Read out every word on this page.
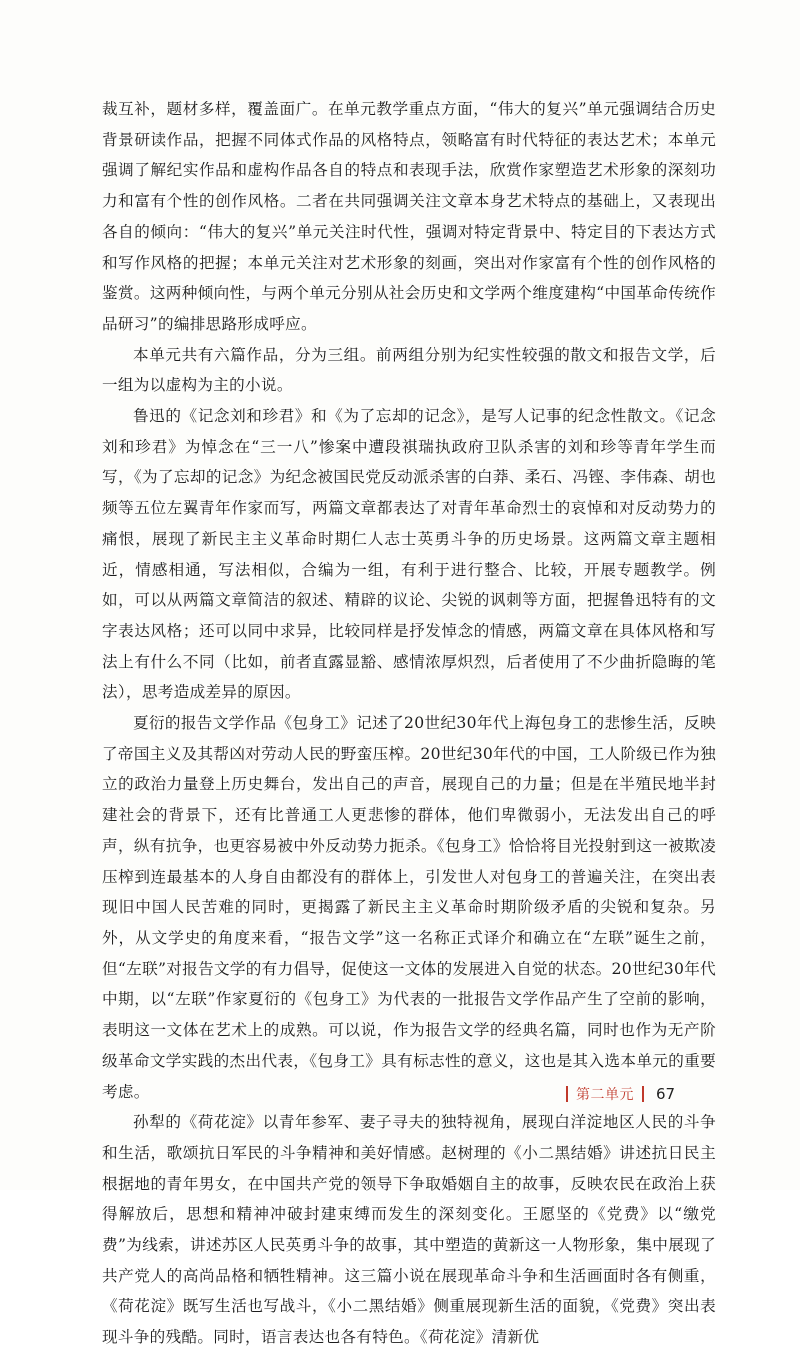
裁互补，题材多样，覆盖面广。在单元教学重点方面，“伟大的复兴”单元强调结合历史背景研读作品，把握不同体式作品的风格特点，领略富有时代特征的表达艺术；本单元强调了解纪实作品和虚构作品各自的特点和表现手法，欣赏作家塑造艺术形象的深刻功力和富有个性的创作风格。二者在共同强调关注文章本身艺术特点的基础上，又表现出各自的倾向：“伟大的复兴”单元关注时代性，强调对特定背景中、特定目的下表达方式和写作风格的把握；本单元关注对艺术形象的刻画，突出对作家富有个性的创作风格的鉴赏。这两种倾向性，与两个单元分别从社会历史和文学两个维度建构“中国革命传统作品研习”的编排思路形成呼应。

本单元共有六篇作品，分为三组。前两组分别为纪实性较强的散文和报告文学，后一组为以虚构为主的小说。

鲁迅的《记念刘和珍君》和《为了忘却的记念》，是写人记事的纪念性散文。《记念刘和珍君》为悼念在“三一八”惨案中遭段祺瑞执政府卫队杀害的刘和珍等青年学生而写，《为了忘却的记念》为纪念被国民党反动派杀害的白莽、柔石、冯铿、李伟森、胡也频等五位左翼青年作家而写，两篇文章都表达了对青年革命烈士的哀悼和对反动势力的痛恨，展现了新民主主义革命时期仁人志士英勇斗争的历史场景。这两篇文章主题相近，情感相通，写法相似，合编为一组，有利于进行整合、比较，开展专题教学。例如，可以从两篇文章简洁的叙述、精辟的议论、尖锐的讽刺等方面，把握鲁迅特有的文字表达风格；还可以同中求异，比较同样是抒发悼念的情感，两篇文章在具体风格和写法上有什么不同（比如，前者直露显豁、感情浓厚炽烈，后者使用了不少曲折隐晦的笔法），思考造成差异的原因。

夏衍的报告文学作品《包身工》记述了20世纪30年代上海包身工的悲惨生活，反映了帝国主义及其帮凶对劳动人民的野蛮压榨。20世纪30年代的中国，工人阶级已作为独立的政治力量登上历史舞台，发出自己的声音，展现自己的力量；但是在半殖民地半封建社会的背景下，还有比普通工人更悲惨的群体，他们卑微弱小，无法发出自己的呼声，纵有抗争，也更容易被中外反动势力扼杀。《包身工》恰恰将目光投射到这一被欺凌压榨到连最基本的人身自由都没有的群体上，引发世人对包身工的普遍关注，在突出表现旧中国人民苦难的同时，更揭露了新民主主义革命时期阶级矛盾的尖锐和复杂。另外，从文学史的角度来看，“报告文学”这一名称正式译介和确立在“左联”诞生之前，但“左联”对报告文学的有力倡导，促使这一文体的发展进入自觉的状态。20世纪30年代中期，以“左联”作家夏衍的《包身工》为代表的一批报告文学作品产生了空前的影响，表明这一文体在艺术上的成熟。可以说，作为报告文学的经典名篇，同时也作为无产阶级革命文学实践的杰出代表，《包身工》具有标志性的意义，这也是其入选本单元的重要考虑。

孙犁的《荷花淀》以青年参军、妻子寻夫的独特视角，展现白洋淀地区人民的斗争和生活，歌颂抗日军民的斗争精神和美好情感。赵树理的《小二黑结婚》讲述抗日民主根据地的青年男女，在中国共产党的领导下争取婚姻自主的故事，反映农民在政治上获得解放后，思想和精神冲破封建束缚而发生的深刻变化。王愿坚的《党费》以“缴党费”为线索，讲述苏区人民英勇斗争的故事，其中塑造的黄新这一人物形象，集中展现了共产党人的高尚品格和牺牲精神。这三篇小说在展现革命斗争和生活画面时各有侧重，《荷花淀》既写生活也写战斗，《小二黑结婚》侧重展现新生活的面貌，《党费》突出表现斗争的残酷。同时，语言表达也各有特色。《荷花淀》清新优

第二单元 67
